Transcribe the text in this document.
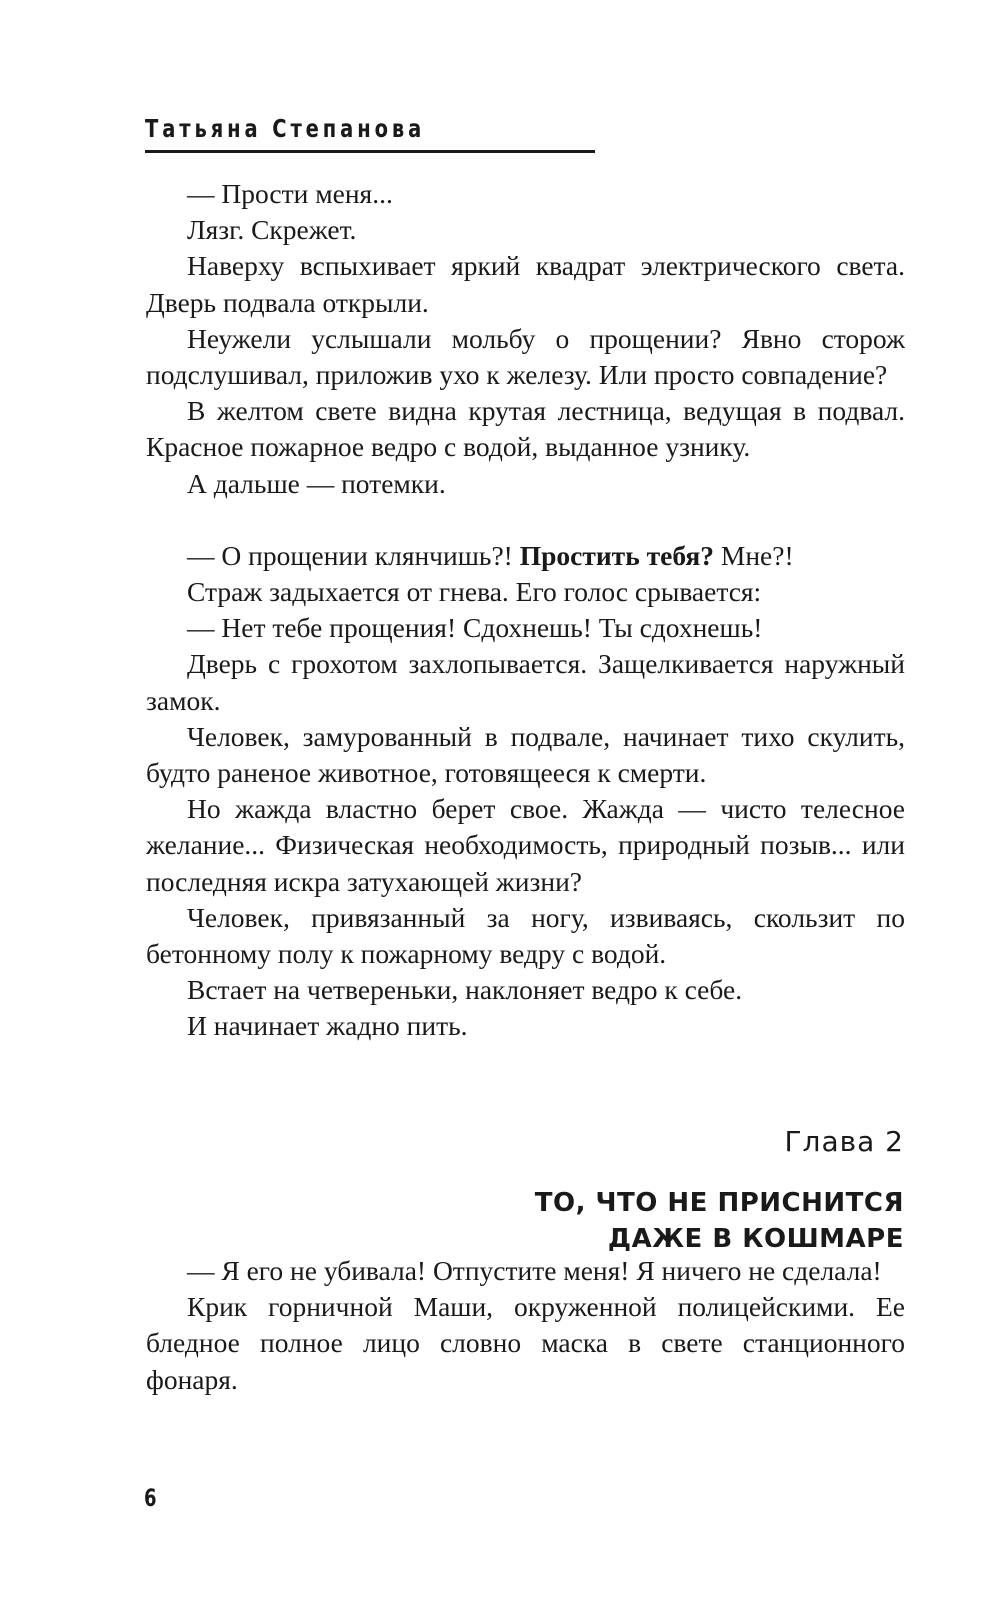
Татьяна Степанова

— Прости меня...

Лязг. Скрежет.

Наверху вспыхивает яркий квадрат электрического света. Дверь подвала открыли.

Неужели услышали мольбу о прощении? Явно сторож подслушивал, приложив ухо к железу. Или просто совпадение?

В желтом свете видна крутая лестница, ведущая в подвал. Красное пожарное ведро с водой, выданное узнику.

А дальше — потемки.

— О прощении клянчишь?! Простить тебя? Мне?!

Страж задыхается от гнева. Его голос срывается:

— Нет тебе прощения! Сдохнешь! Ты сдохнешь!

Дверь с грохотом захлопывается. Защелкивается наружный замок.

Человек, замурованный в подвале, начинает тихо скулить, будто раненое животное, готовящееся к смерти.

Но жажда властно берет свое. Жажда — чисто телесное желание... Физическая необходимость, природный позыв... или последняя искра затухающей жизни?

Человек, привязанный за ногу, извиваясь, скользит по бетонному полу к пожарному ведру с водой.

Встает на четвереньки, наклоняет ведро к себе.

И начинает жадно пить.

Глава 2
ТО, ЧТО НЕ ПРИСНИТСЯ
ДАЖЕ В КОШМАРЕ

— Я его не убивала! Отпустите меня! Я ничего не сделала!

Крик горничной Маши, окруженной полицейскими. Ее бледное полное лицо словно маска в свете станционного фонаря.

6
